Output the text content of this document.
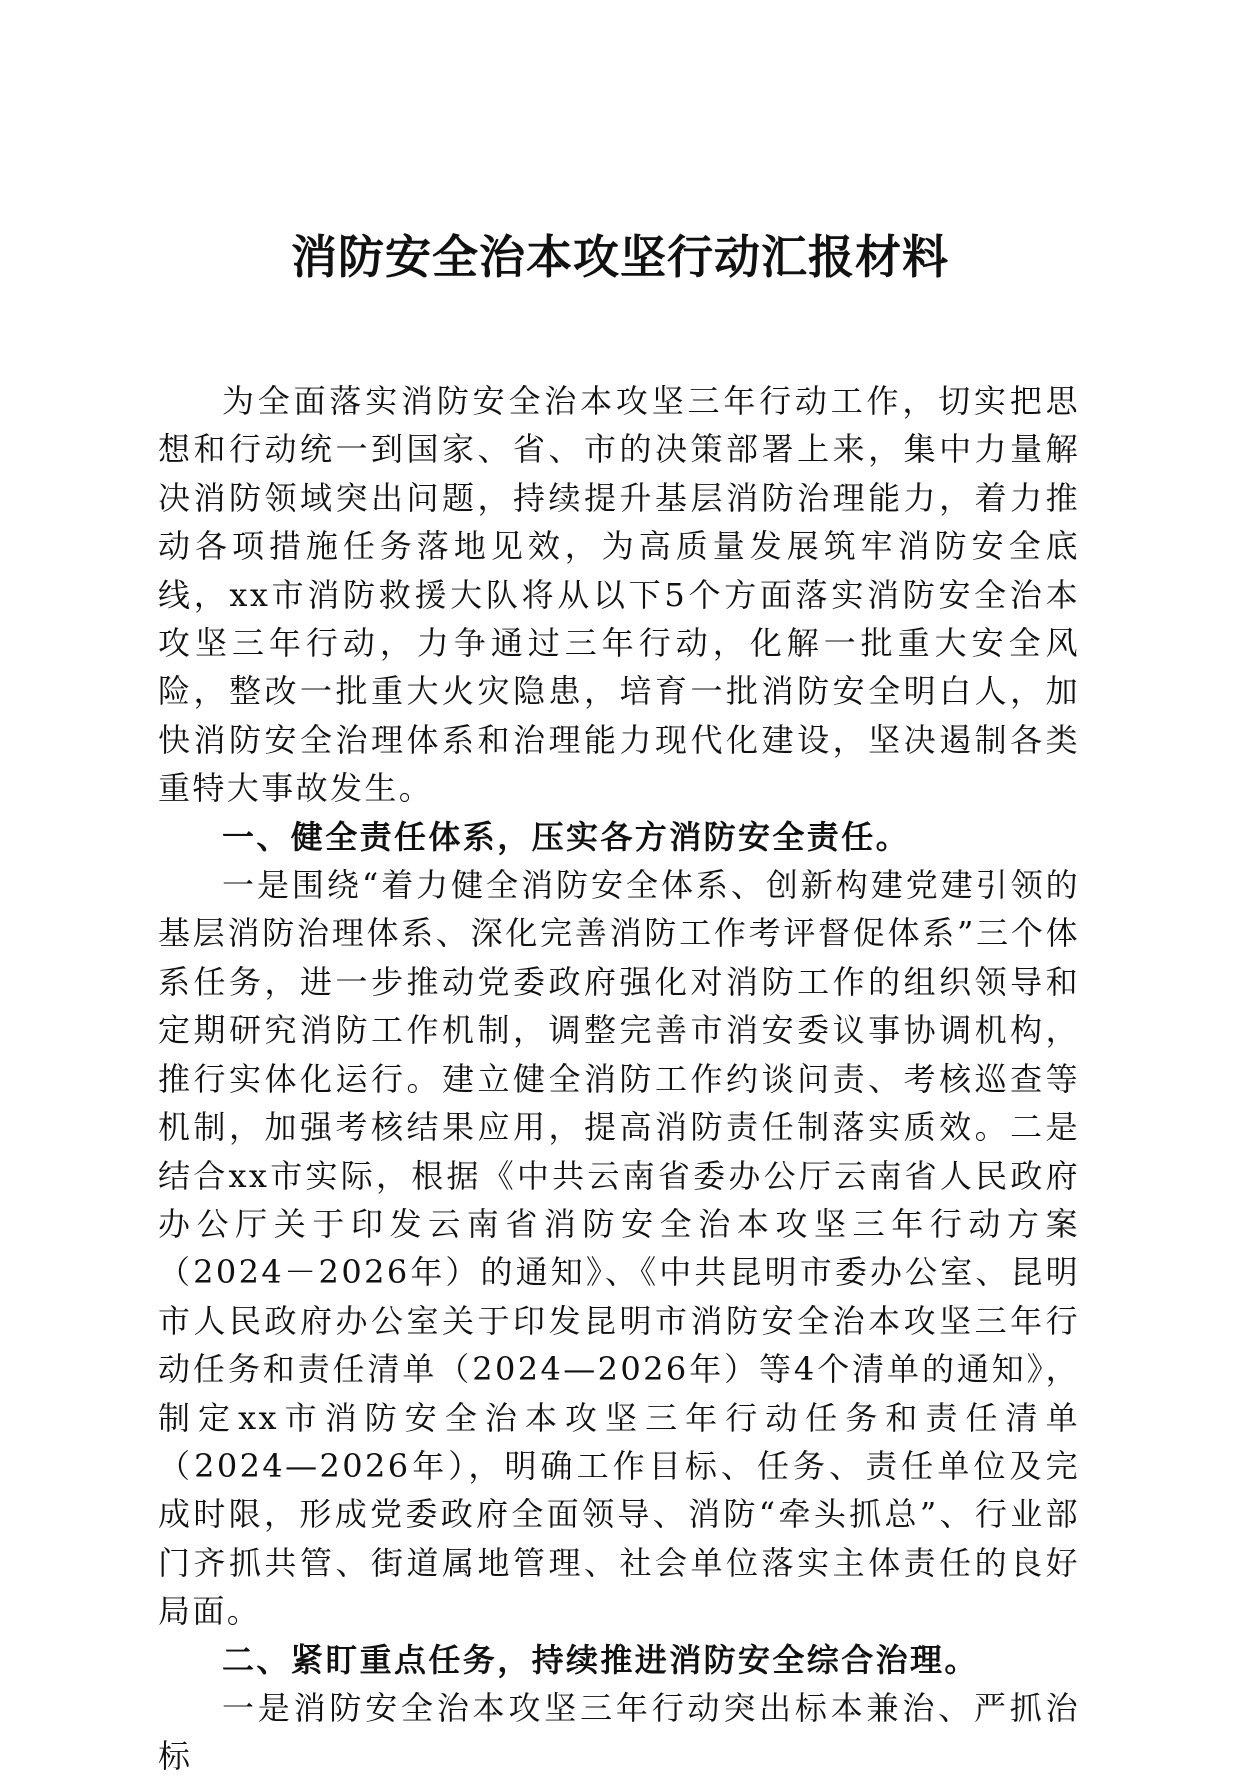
消防安全治本攻坚行动汇报材料

为全面落实消防安全治本攻坚三年行动工作，切实把思想和行动统一到国家、省、市的决策部署上来，集中力量解决消防领域突出问题，持续提升基层消防治理能力，着力推动各项措施任务落地见效，为高质量发展筑牢消防安全底线，xx市消防救援大队将从以下5个方面落实消防安全治本攻坚三年行动，力争通过三年行动，化解一批重大安全风险，整改一批重大火灾隐患，培育一批消防安全明白人，加快消防安全治理体系和治理能力现代化建设，坚决遏制各类重特大事故发生。

一、健全责任体系，压实各方消防安全责任。

一是围绕“着力健全消防安全体系、创新构建党建引领的基层消防治理体系、深化完善消防工作考评督促体系”三个体系任务，进一步推动党委政府强化对消防工作的组织领导和定期研究消防工作机制，调整完善市消安委议事协调机构，推行实体化运行。建立健全消防工作约谈问责、考核巡查等机制，加强考核结果应用，提高消防责任制落实质效。二是结合xx市实际，根据《中共云南省委办公厅云南省人民政府办公厅关于印发云南省消防安全治本攻坚三年行动方案（2024－2026年）的通知》、《中共昆明市委办公室、昆明市人民政府办公室关于印发昆明市消防安全治本攻坚三年行动任务和责任清单（2024—2026年）等4个清单的通知》，制定xx市消防安全治本攻坚三年行动任务和责任清单（2024—2026年），明确工作目标、任务、责任单位及完成时限，形成党委政府全面领导、消防“牵头抓总”、行业部门齐抓共管、街道属地管理、社会单位落实主体责任的良好局面。

二、紧盯重点任务，持续推进消防安全综合治理。

一是消防安全治本攻坚三年行动突出标本兼治、严抓治标
